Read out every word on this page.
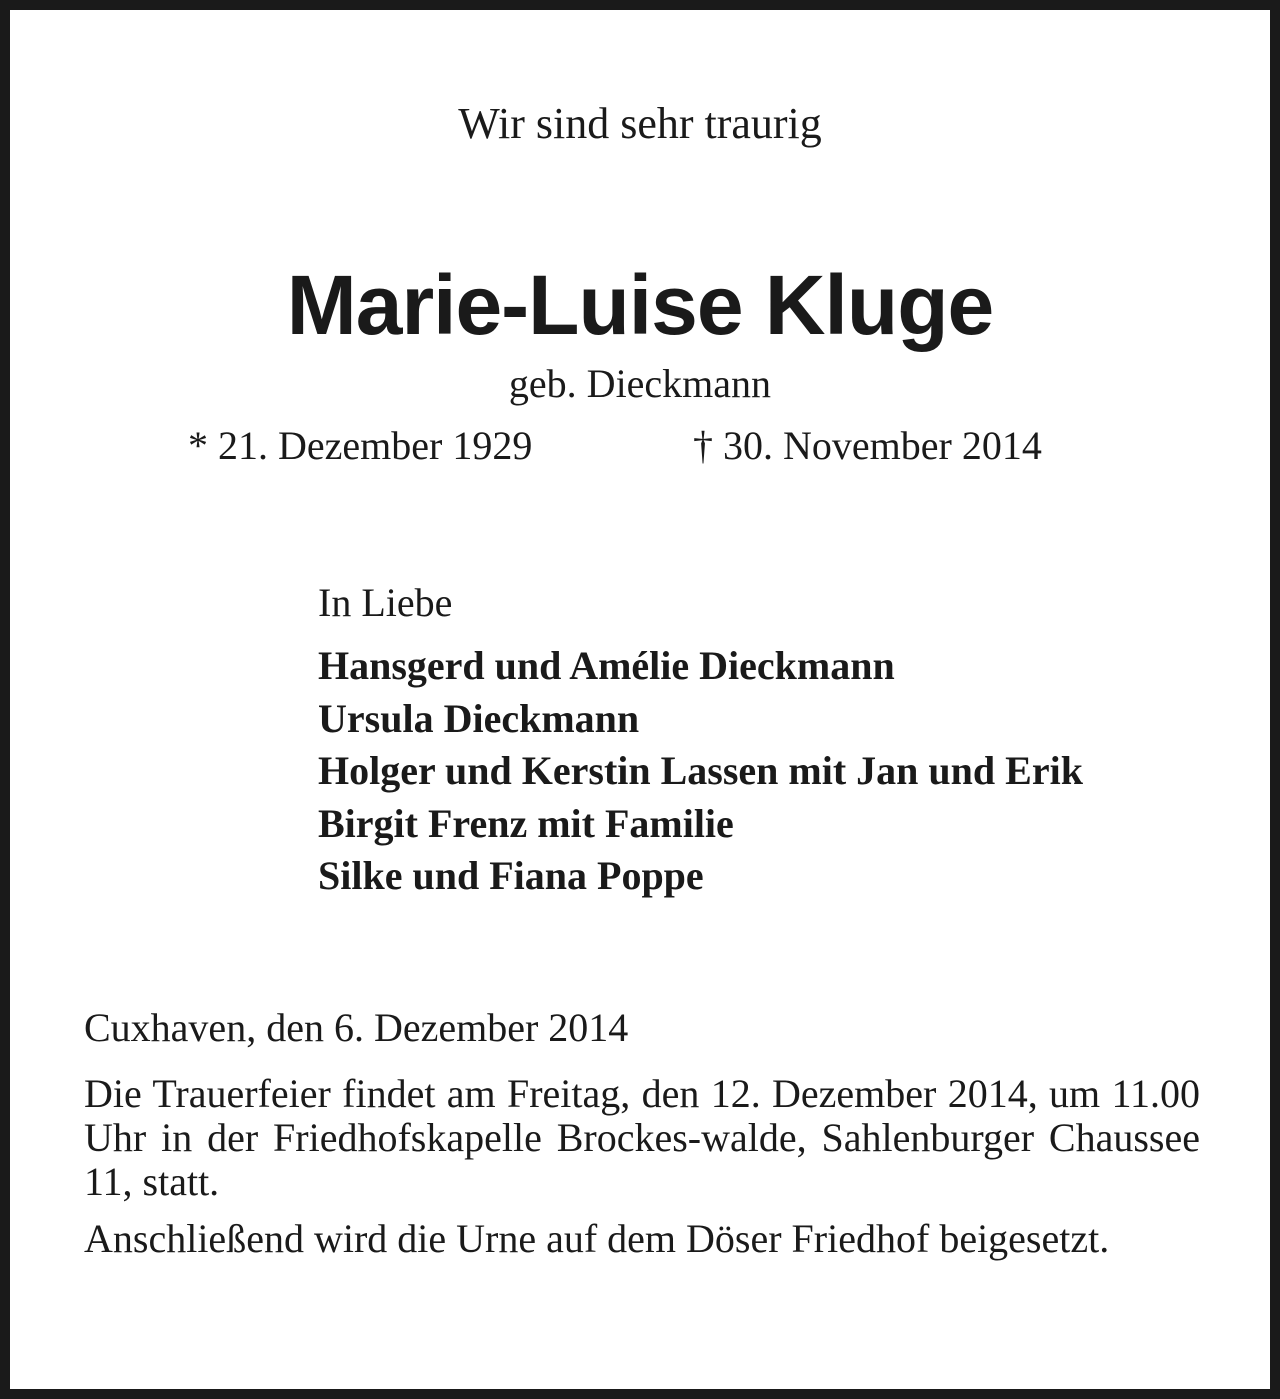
Wir sind sehr traurig
Marie-Luise Kluge
geb. Dieckmann
* 21. Dezember 1929	† 30. November 2014
In Liebe
Hansgerd und Amélie Dieckmann
Ursula Dieckmann
Holger und Kerstin Lassen mit Jan und Erik
Birgit Frenz mit Familie
Silke und Fiana Poppe
Cuxhaven, den 6. Dezember 2014

Die Trauerfeier findet am Freitag, den 12. Dezember 2014, um 11.00 Uhr in der Friedhofskapelle Brockes-walde, Sahlenburger Chaussee 11, statt.

Anschließend wird die Urne auf dem Döser Friedhof beigesetzt.
